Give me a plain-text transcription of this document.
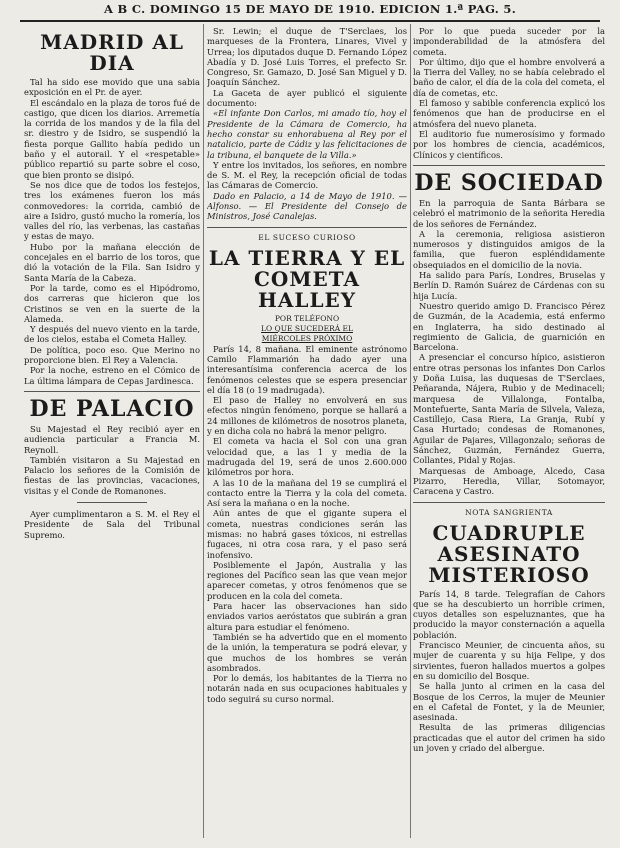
A B C. DOMINGO 15 DE MAYO DE 1910. EDICION 1.ª PAG. 5.
MADRID AL DIA

Tal ha sido ese movido que una sabia exposición en el Pr. de ayer.

El escándalo en la plaza de toros fué de castigo, que dicen los diarios. Arremetía la corrida de los mandos y de la fila del sr. diestro y de Isidro, se suspendió la fiesta porque Gallito había pedido un baño y el autorail. Y el «respetable» público repartió su parte sobre el coso, que bien pronto se disipó.

Se nos dice que de todos los festejos, tres los exámenes fueron los más conmovedores: la corrida, cambió de aire a Isidro, gustó mucho la romería, los valles del río, las verbenas, las castañas y estas de mayo.

Hubo por la mañana elección de concejales en el barrio de los toros, que dió la votación de la Fila. San Isidro y Santa María de la Cabeza.

Por la tarde, como es el Hipódromo, dos carreras que hicieron que los Cristinos se ven en la suerte de la Alameda.

Y después del nuevo viento en la tarde, de los cielos, estaba el Cometa Halley.

De política, poco eso. Que Merino no proporcione bien. El Rey a Valencia.

Por la noche, estreno en el Cómico de La última lámpara de Cepas Jardinesca.

DE PALACIO

Su Majestad el Rey recibió ayer en audiencia particular a Francia M. Reynoll.

También visitaron a Su Majestad en Palacio los señores de la Comisión de fiestas de las provincias, vacaciones, visitas y el Conde de Romanones.

Ayer cumplimentaron a S. M. el Rey el Presidente de Sala del Tribunal Supremo.

Sr. Lewin; el duque de T'Serclaes, los marqueses de la Frontera, Linares, Vivel y Urrea; los diputados duque D. Fernando López Abadía y D. José Luis Torres, el prefecto Sr. Congreso, Sr. Gamazo, D. José San Miguel y D. Joaquín Sánchez.

La Gaceta de ayer publicó el siguiente documento:

«El infante Don Carlos, mi amado tío, hoy el Presidente de la Cámara de Comercio, ha hecho constar su enhorabuena al Rey por el natalicio, parte de Cádiz y las felicitaciones de la tribuna, el banquete de la Villa.»

Y entre los invitados, los señores, en nombre de S. M. el Rey, la recepción oficial de todas las Cámaras de Comercio.

Dado en Palacio, a 14 de Mayo de 1910. — Alfonso. — El Presidente del Consejo de Ministros, José Canalejas.

EL SUCESO CURIOSO
LA TIERRA Y EL COMETA HALLEY
POR TELÉFONO
LO QUE SUCEDERÁ EL
MIÉRCOLES PRÓXIMO

París 14, 8 mañana. El eminente astrónomo Camilo Flammarión ha dado ayer una interesantísima conferencia acerca de los fenómenos celestes que se espera presenciar el día 18 (o 19 madrugada).

El paso de Halley no envolverá en sus efectos ningún fenómeno, porque se hallará a 24 millones de kilómetros de nosotros planeta, y en dicha cola no habrá la menor peligro.

El cometa va hacia el Sol con una gran velocidad que, a las 1 y media de la madrugada del 19, será de unos 2.600.000 kilómetros por hora.

A las 10 de la mañana del 19 se cumplirá el contacto entre la Tierra y la cola del cometa. Así sera la mañana o en la noche.

Aún antes de que el gigante supera el cometa, nuestras condiciones serán las mismas: no habrá gases tóxicos, ni estrellas fugaces, ni otra cosa rara, y el paso será inofensivo.

Posiblemente el Japón, Australia y las regiones del Pacífico sean las que vean mejor aparecer cometas, y otros fenómenos que se producen en la cola del cometa.

Para hacer las observaciones han sido enviados varios aeróstatos que subirán a gran altura para estudiar el fenómeno.

También se ha advertido que en el momento de la unión, la temperatura se podrá elevar, y que muchos de los hombres se verán asombrados.

Por lo demás, los habitantes de la Tierra no notarán nada en sus ocupaciones habituales y todo seguirá su curso normal.

Por lo que pueda suceder por la imponderabilidad de la atmósfera del cometa.

Por último, dijo que el hombre envolverá a la Tierra del Valley, no se había celebrado el baño de calor, el día de la cola del cometa, el día de cometas, etc.

El famoso y sabible conferencia explicó los fenómenos que han de producirse en el atmósfera del nuevo planeta.

El auditorio fue numerosísimo y formado por los hombres de ciencia, académicos, Clínicos y científicos.

DE SOCIEDAD

En la parroquia de Santa Bárbara se celebró el matrimonio de la señorita Heredia de los señores de Fernández.

A la ceremonia, religiosa asistieron numerosos y distinguidos amigos de la familia, que fueron espléndidamente obsequiados en el domicilio de la novia.

Ha salido para París, Londres, Bruselas y Berlín D. Ramón Suárez de Cárdenas con su hija Lucía.

Nuestro querido amigo D. Francisco Pérez de Guzmán, de la Academia, está enfermo en Inglaterra, ha sido destinado al regimiento de Galicia, de guarnición en Barcelona.

A presenciar el concurso hípico, asistieron entre otras personas los infantes Don Carlos y Doña Luisa, las duquesas de T'Serclaes, Peñaranda, Nájera, Rubio y de Medinaceli; marquesa de Villalonga, Fontalba, Montefuerte, Santa María de Silvela, Valeza, Castillejo, Casa Riera, La Granja, Rubí y Casa Hurtado; condesas de Romanones, Aguilar de Pajares, Villagonzalo; señoras de Sánchez, Guzmán, Fernández Guerra, Collantes, Pidal y Rojas.

Marquesas de Amboage, Alcedo, Casa Pizarro, Heredia, Villar, Sotomayor, Caracena y Castro.

NOTA SANGRIENTA
CUADRUPLE ASESINATO MISTERIOSO

París 14, 8 tarde. Telegrafían de Cahors que se ha descubierto un horrible crimen, cuyos detalles son espeluznantes, que ha producido la mayor consternación a aquella población.

Francisco Meunier, de cincuenta años, su mujer de cuarenta y su hija Felipe, y dos sirvientes, fueron hallados muertos a golpes en su domicilio del Bosque.

Se halla junto al crimen en la casa del Bosque de los Cerros, la mujer de Meunier en el Cafetal de Fontet, y la de Meunier, asesinada.

Resulta de las primeras diligencias practicadas que el autor del crimen ha sido un joven y criado del albergue.
